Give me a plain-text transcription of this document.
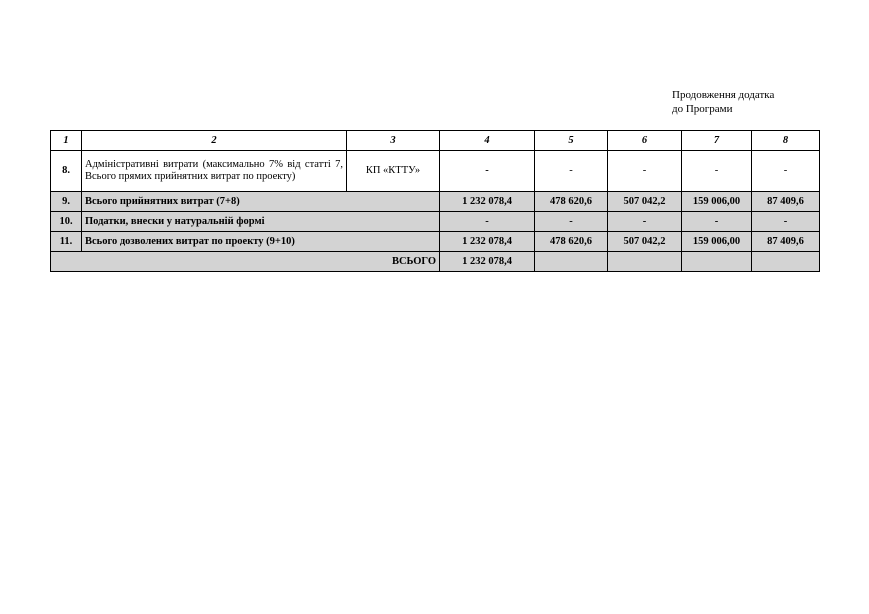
Продовження додатка
до Програми
1	2	3	4	5	6	7	8
8.	Адміністративні витрати (максимально 7% від статті 7, Всього прямих прийнятних витрат по проекту)	КП «КТТУ»	-	-	-	-	-
9.	Всього прийнятних витрат (7+8)		1 232 078,4	478 620,6	507 042,2	159 006,00	87 409,6
10.	Податки, внески у натуральній формі		-	-	-	-	-
11.	Всього дозволених витрат по проекту (9+10)		1 232 078,4	478 620,6	507 042,2	159 006,00	87 409,6
ВСЬОГО			1 232 078,4				
